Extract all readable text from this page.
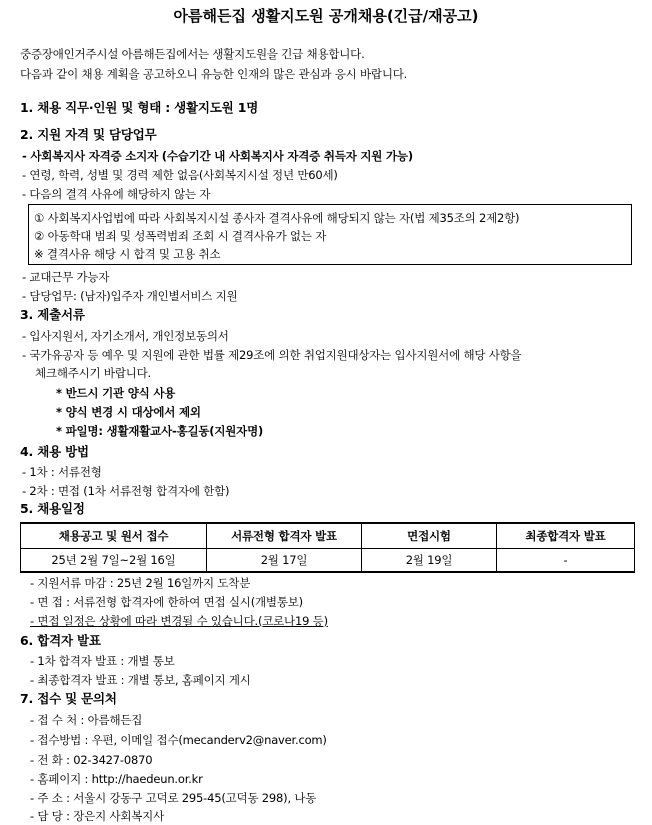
아름해든집 생활지도원 공개채용(긴급/재공고)
중증장애인거주시설 아름해든집에서는 생활지도원을 긴급 채용합니다.
다음과 같이 채용 계획을 공고하오니 유능한 인재의 많은 관심과 응시 바랍니다.
1. 채용 직무·인원 및 형태 : 생활지도원 1명
2. 지원 자격 및 담당업무
- 사회복지사 자격증 소지자 (수습기간 내 사회복지사 자격증 취득자 지원 가능)
- 연령, 학력, 성별 및 경력 제한 없음(사회복지시설 정년 만60세)
- 다음의 결격 사유에 해당하지 않는 자
① 사회복지사업법에 따라 사회복지시설 종사자 결격사유에 해당되지 않는 자(법 제35조의 2제2항)
② 아동학대 범죄 및 성폭력범죄 조회 시 결격사유가 없는 자
※ 결격사유 해당 시 합격 및 고용 취소
- 교대근무 가능자
- 담당업무: (남자)입주자 개인별서비스 지원
3. 제출서류
- 입사지원서, 자기소개서, 개인정보동의서
- 국가유공자 등 예우 및 지원에 관한 법률 제29조에 의한 취업지원대상자는 입사지원서에 해당 사항을
체크해주시기 바랍니다.
* 반드시 기관 양식 사용
* 양식 변경 시 대상에서 제외
* 파일명: 생활재활교사-홍길동(지원자명)
4. 채용 방법
- 1차 : 서류전형
- 2차 : 면접 (1차 서류전형 합격자에 한함)
5. 채용일정
채용공고 및 원서 접수	서류전형 합격자 발표	면접시험	최종합격자 발표
25년 2월 7일~2월 16일	2월 17일	2월 19일	-
- 지원서류 마감 : 25년 2월 16일까지 도착분
- 면 접 : 서류전형 합격자에 한하여 면접 실시(개별통보)
- 면접 일정은 상황에 따라 변경될 수 있습니다.(코로나19 등)
6. 합격자 발표
- 1차 합격자 발표 : 개별 통보
- 최종합격자 발표 : 개별 통보, 홈페이지 게시
7. 접수 및 문의처
- 접 수 처 : 아름해든집
- 접수방법 : 우편, 이메일 접수(mecanderv2@naver.com)
- 전 화 : 02-3427-0870
- 홈페이지 : http://haedeun.or.kr
- 주 소 : 서울시 강동구 고덕로 295-45(고덕동 298), 나동
- 담 당 : 장은지 사회복지사
